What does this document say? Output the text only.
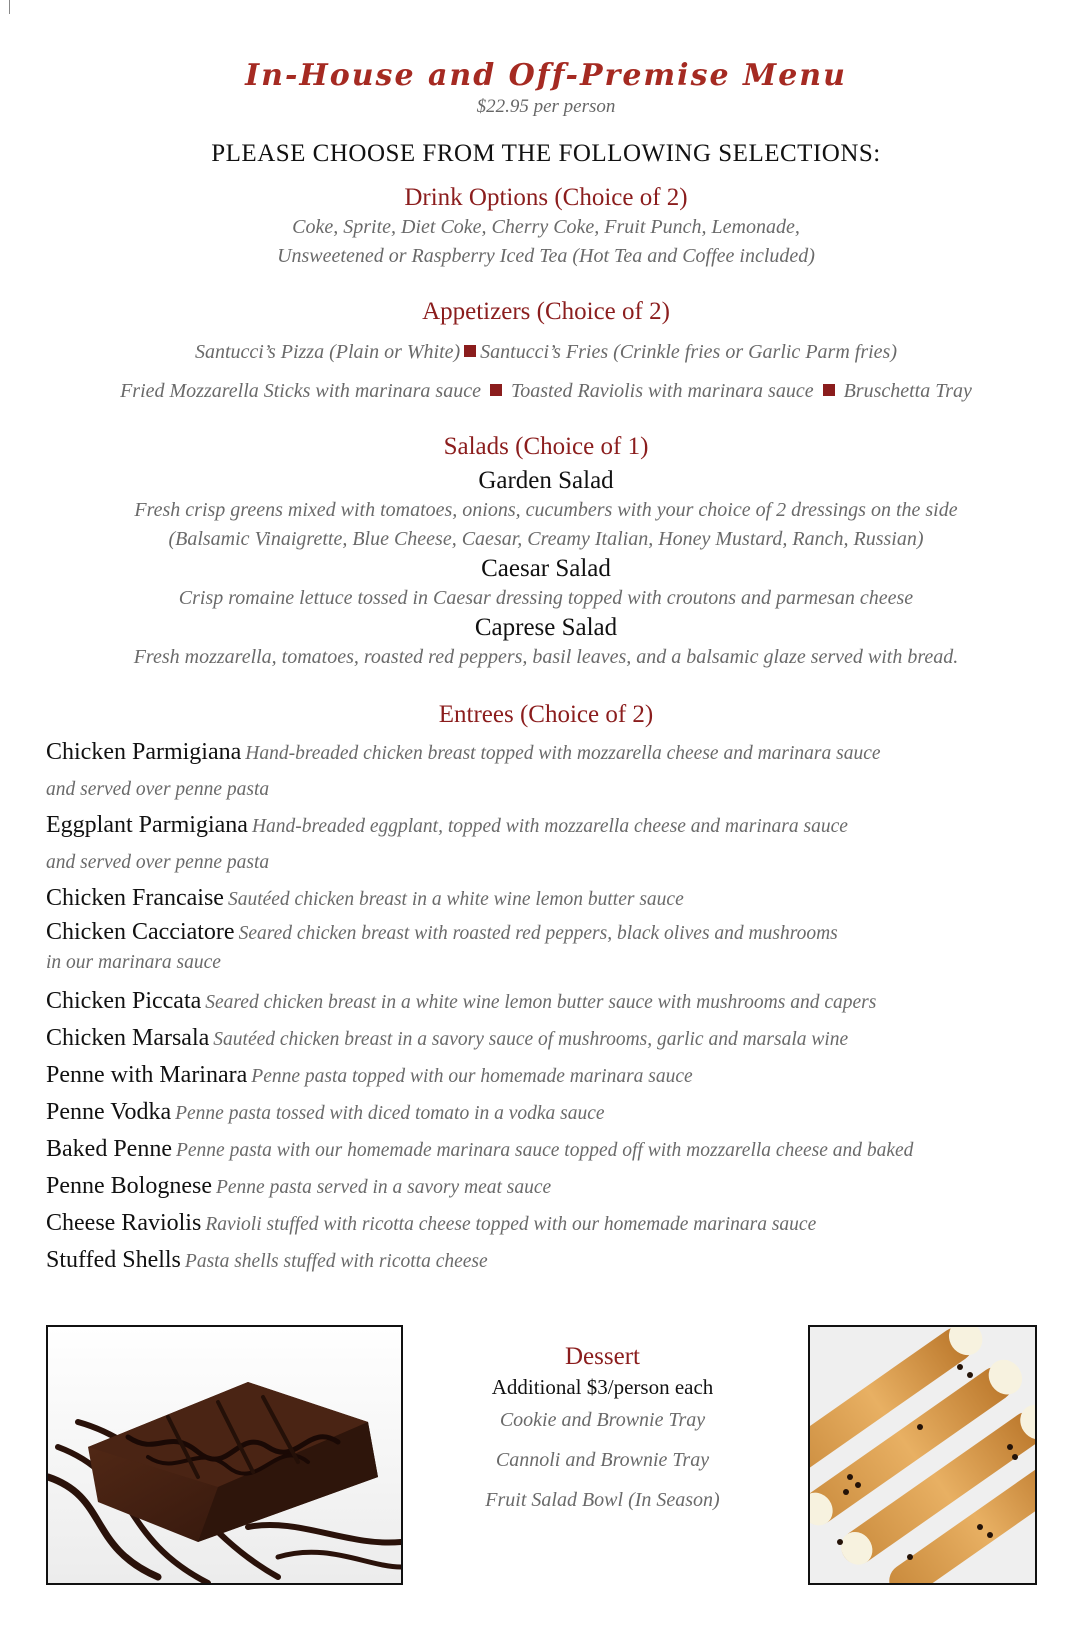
In-House and Off-Premise Menu
$22.95 per person
PLEASE CHOOSE FROM THE FOLLOWING SELECTIONS:
Drink Options (Choice of 2)
Coke, Sprite, Diet Coke, Cherry Coke, Fruit Punch, Lemonade,
Unsweetened or Raspberry Iced Tea (Hot Tea and Coffee included)
Appetizers (Choice of 2)
Santucci’s Pizza (Plain or White) Santucci’s Fries (Crinkle fries or Garlic Parm fries)
Fried Mozzarella Sticks with marinara sauce Toasted Raviolis with marinara sauce Bruschetta Tray
Salads (Choice of 1)
Garden Salad
Fresh crisp greens mixed with tomatoes, onions, cucumbers with your choice of 2 dressings on the side
(Balsamic Vinaigrette, Blue Cheese, Caesar, Creamy Italian, Honey Mustard, Ranch, Russian)
Caesar Salad
Crisp romaine lettuce tossed in Caesar dressing topped with croutons and parmesan cheese
Caprese Salad
Fresh mozzarella, tomatoes, roasted red peppers, basil leaves, and a balsamic glaze served with bread.
Entrees (Choice of 2)
Chicken Parmigiana Hand-breaded chicken breast topped with mozzarella cheese and marinara sauce
and served over penne pasta
Eggplant Parmigiana Hand-breaded eggplant, topped with mozzarella cheese and marinara sauce
and served over penne pasta
Chicken Francaise Sautéed chicken breast in a white wine lemon butter sauce
Chicken Cacciatore Seared chicken breast with roasted red peppers, black olives and mushrooms
in our marinara sauce
Chicken Piccata Seared chicken breast in a white wine lemon butter sauce with mushrooms and capers
Chicken Marsala Sautéed chicken breast in a savory sauce of mushrooms, garlic and marsala wine
Penne with Marinara Penne pasta topped with our homemade marinara sauce
Penne Vodka Penne pasta tossed with diced tomato in a vodka sauce
Baked Penne Penne pasta with our homemade marinara sauce topped off with mozzarella cheese and baked
Penne Bolognese Penne pasta served in a savory meat sauce
Cheese Raviolis Ravioli stuffed with ricotta cheese topped with our homemade marinara sauce
Stuffed Shells Pasta shells stuffed with ricotta cheese
Dessert
Additional $3/person each
Cookie and Brownie Tray
Cannoli and Brownie Tray
Fruit Salad Bowl (In Season)
